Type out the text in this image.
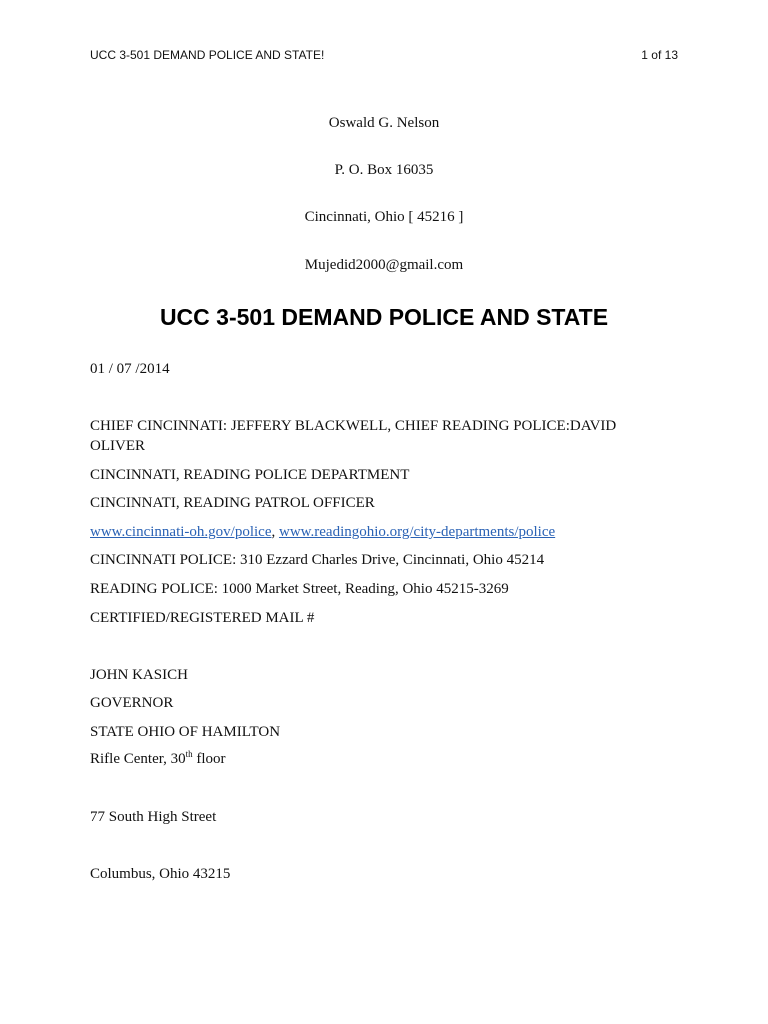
UCC 3-501 DEMAND POLICE AND STATE!	1 of 13
Oswald G. Nelson
P. O. Box 16035
Cincinnati, Ohio [ 45216 ]
Mujedid2000@gmail.com
UCC 3-501 DEMAND POLICE AND STATE
01 / 07 /2014
CHIEF CINCINNATI: JEFFERY BLACKWELL, CHIEF READING POLICE:DAVID
OLIVER
CINCINNATI, READING POLICE DEPARTMENT
CINCINNATI, READING PATROL OFFICER
www.cincinnati-oh.gov/police, www.readingohio.org/city-departments/police
CINCINNATI POLICE: 310 Ezzard Charles Drive, Cincinnati, Ohio 45214
READING POLICE: 1000 Market Street, Reading, Ohio 45215-3269
CERTIFIED/REGISTERED MAIL #
JOHN KASICH
GOVERNOR
STATE OHIO OF HAMILTON
Rifle Center, 30th floor
77 South High Street
Columbus, Ohio 43215
